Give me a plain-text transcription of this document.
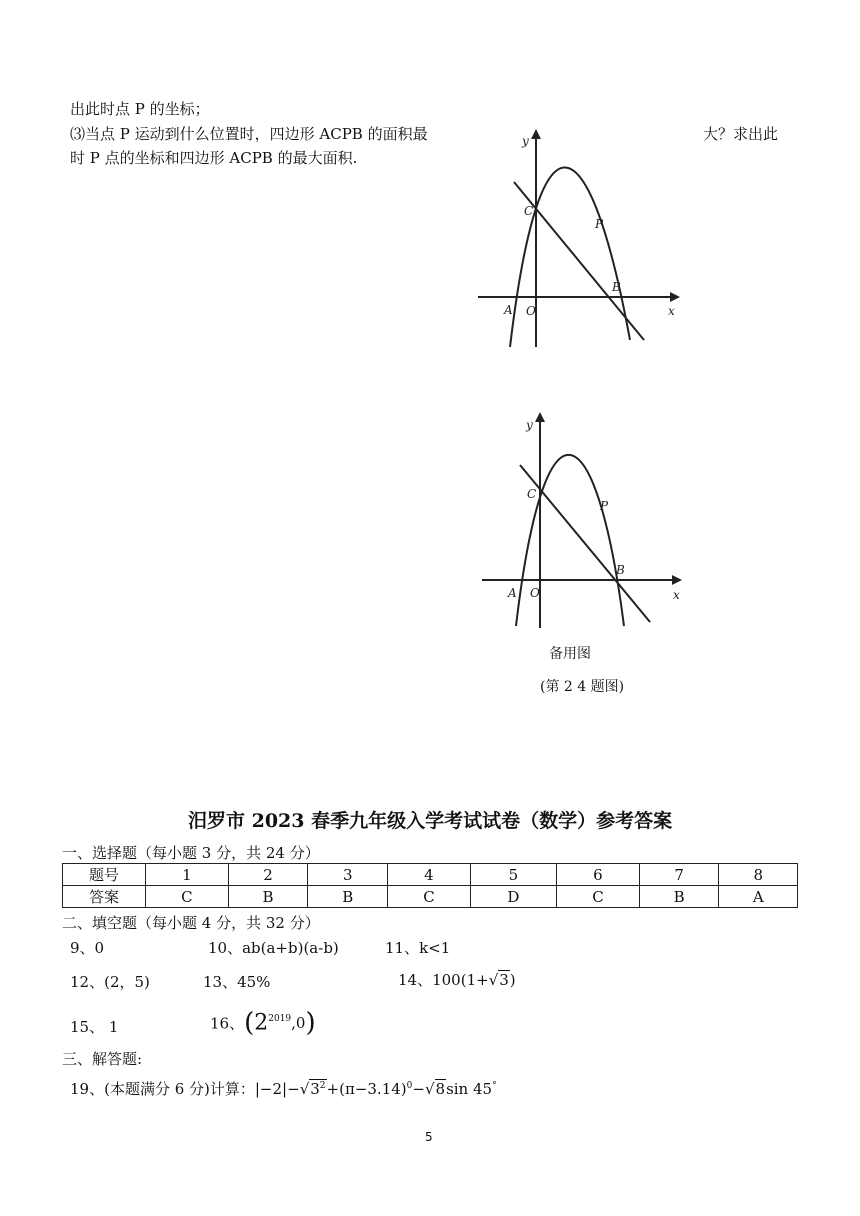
出此时点 P 的坐标；
⑶当点 P 运动到什么位置时，四边形 ACPB 的面积最	大？求出此
时 P 点的坐标和四边形 ACPB 的最大面积.
y
x
C
P
B
A O
y
x
C
P
B
A O
备用图
(第 2 4 题图)
汨罗市 2023 春季九年级入学考试试卷（数学）参考答案
一、选择题（每小题 3 分，共 24 分）
题号	1	2	3	4	5	6	7	8
答案	C	B	B	C	D	C	B	A
二、填空题（每小题 4 分，共 32 分）
9、0	10、ab(a+b)(a-b)	11、k<1
12、(2，5)	13、45%	14、100(1+√3)
15、 1	16、$(2^{2019},0)$
三、解答题:
19、(本题满分 6 分)计算：$|-2|-√3^2+(\pi-3.14)^0-√8\sin$ 45°
5
